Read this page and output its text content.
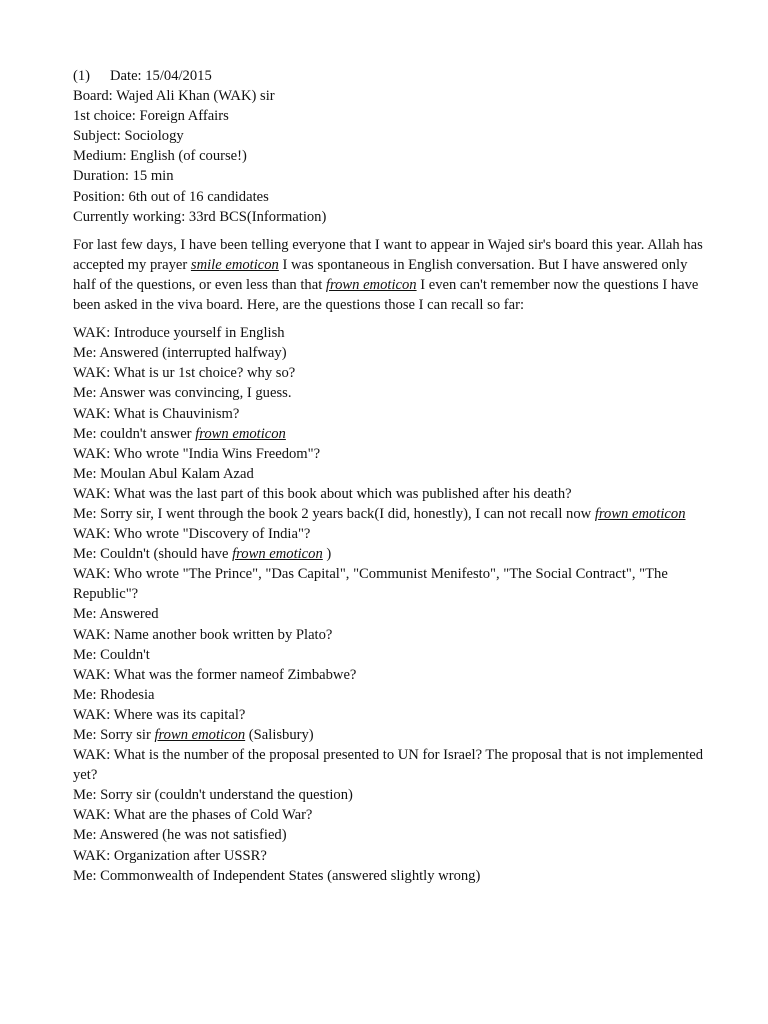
(1) Date: 15/04/2015
Board: Wajed Ali Khan (WAK) sir
1st choice: Foreign Affairs
Subject: Sociology
Medium: English (of course!)
Duration: 15 min
Position: 6th out of 16 candidates
Currently working: 33rd BCS(Information)

For last few days, I have been telling everyone that I want to appear in Wajed sir's board this year. Allah has accepted my prayer smile emoticon I was spontaneous in English conversation. But I have answered only half of the questions, or even less than that frown emoticon I even can't remember now the questions I have been asked in the viva board. Here, are the questions those I can recall so far:

WAK: Introduce yourself in English
Me: Answered (interrupted halfway)
WAK: What is ur 1st choice? why so?
Me: Answer was convincing, I guess.
WAK: What is Chauvinism?
Me: couldn't answer frown emoticon
WAK: Who wrote "India Wins Freedom"?
Me: Moulan Abul Kalam Azad
WAK: What was the last part of this book about which was published after his death?
Me: Sorry sir, I went through the book 2 years back(I did, honestly), I can not recall now frown emoticon
WAK: Who wrote "Discovery of India"?
Me: Couldn't (should have frown emoticon )
WAK: Who wrote "The Prince", "Das Capital", "Communist Menifesto", "The Social Contract", "The Republic"?
Me: Answered
WAK: Name another book written by Plato?
Me: Couldn't
WAK: What was the former nameof Zimbabwe?
Me: Rhodesia
WAK: Where was its capital?
Me: Sorry sir frown emoticon (Salisbury)
WAK: What is the number of the proposal presented to UN for Israel? The proposal that is not implemented yet?
Me: Sorry sir (couldn't understand the question)
WAK: What are the phases of Cold War?
Me: Answered (he was not satisfied)
WAK: Organization after USSR?
Me: Commonwealth of Independent States (answered slightly wrong)
